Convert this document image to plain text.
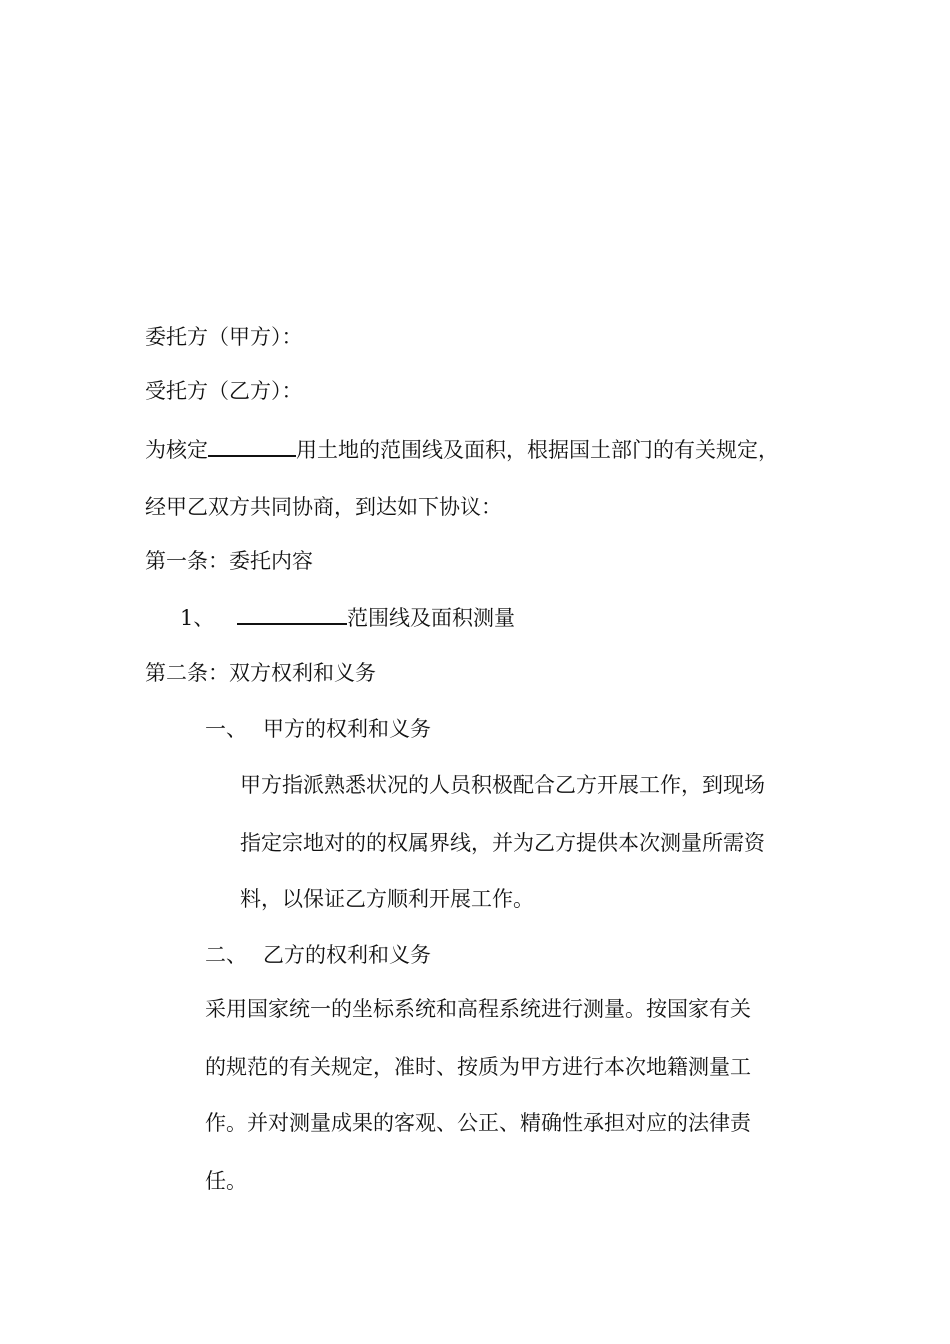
委托方（甲方）：

受托方（乙方）：

为核定	用土地的范围线及面积，根据国土部门的有关规定，

经甲乙双方共同协商，到达如下协议：

第一条：委托内容

1、	范围线及面积测量

第二条：双方权利和义务

一、 甲方的权利和义务

甲方指派熟悉状况的人员积极配合乙方开展工作，到现场

指定宗地对的的权属界线，并为乙方提供本次测量所需资

料，以保证乙方顺利开展工作。

二、 乙方的权利和义务

采用国家统一的坐标系统和高程系统进行测量。按国家有关

的规范的有关规定，准时、按质为甲方进行本次地籍测量工

作。并对测量成果的客观、公正、精确性承担对应的法律责

任。
